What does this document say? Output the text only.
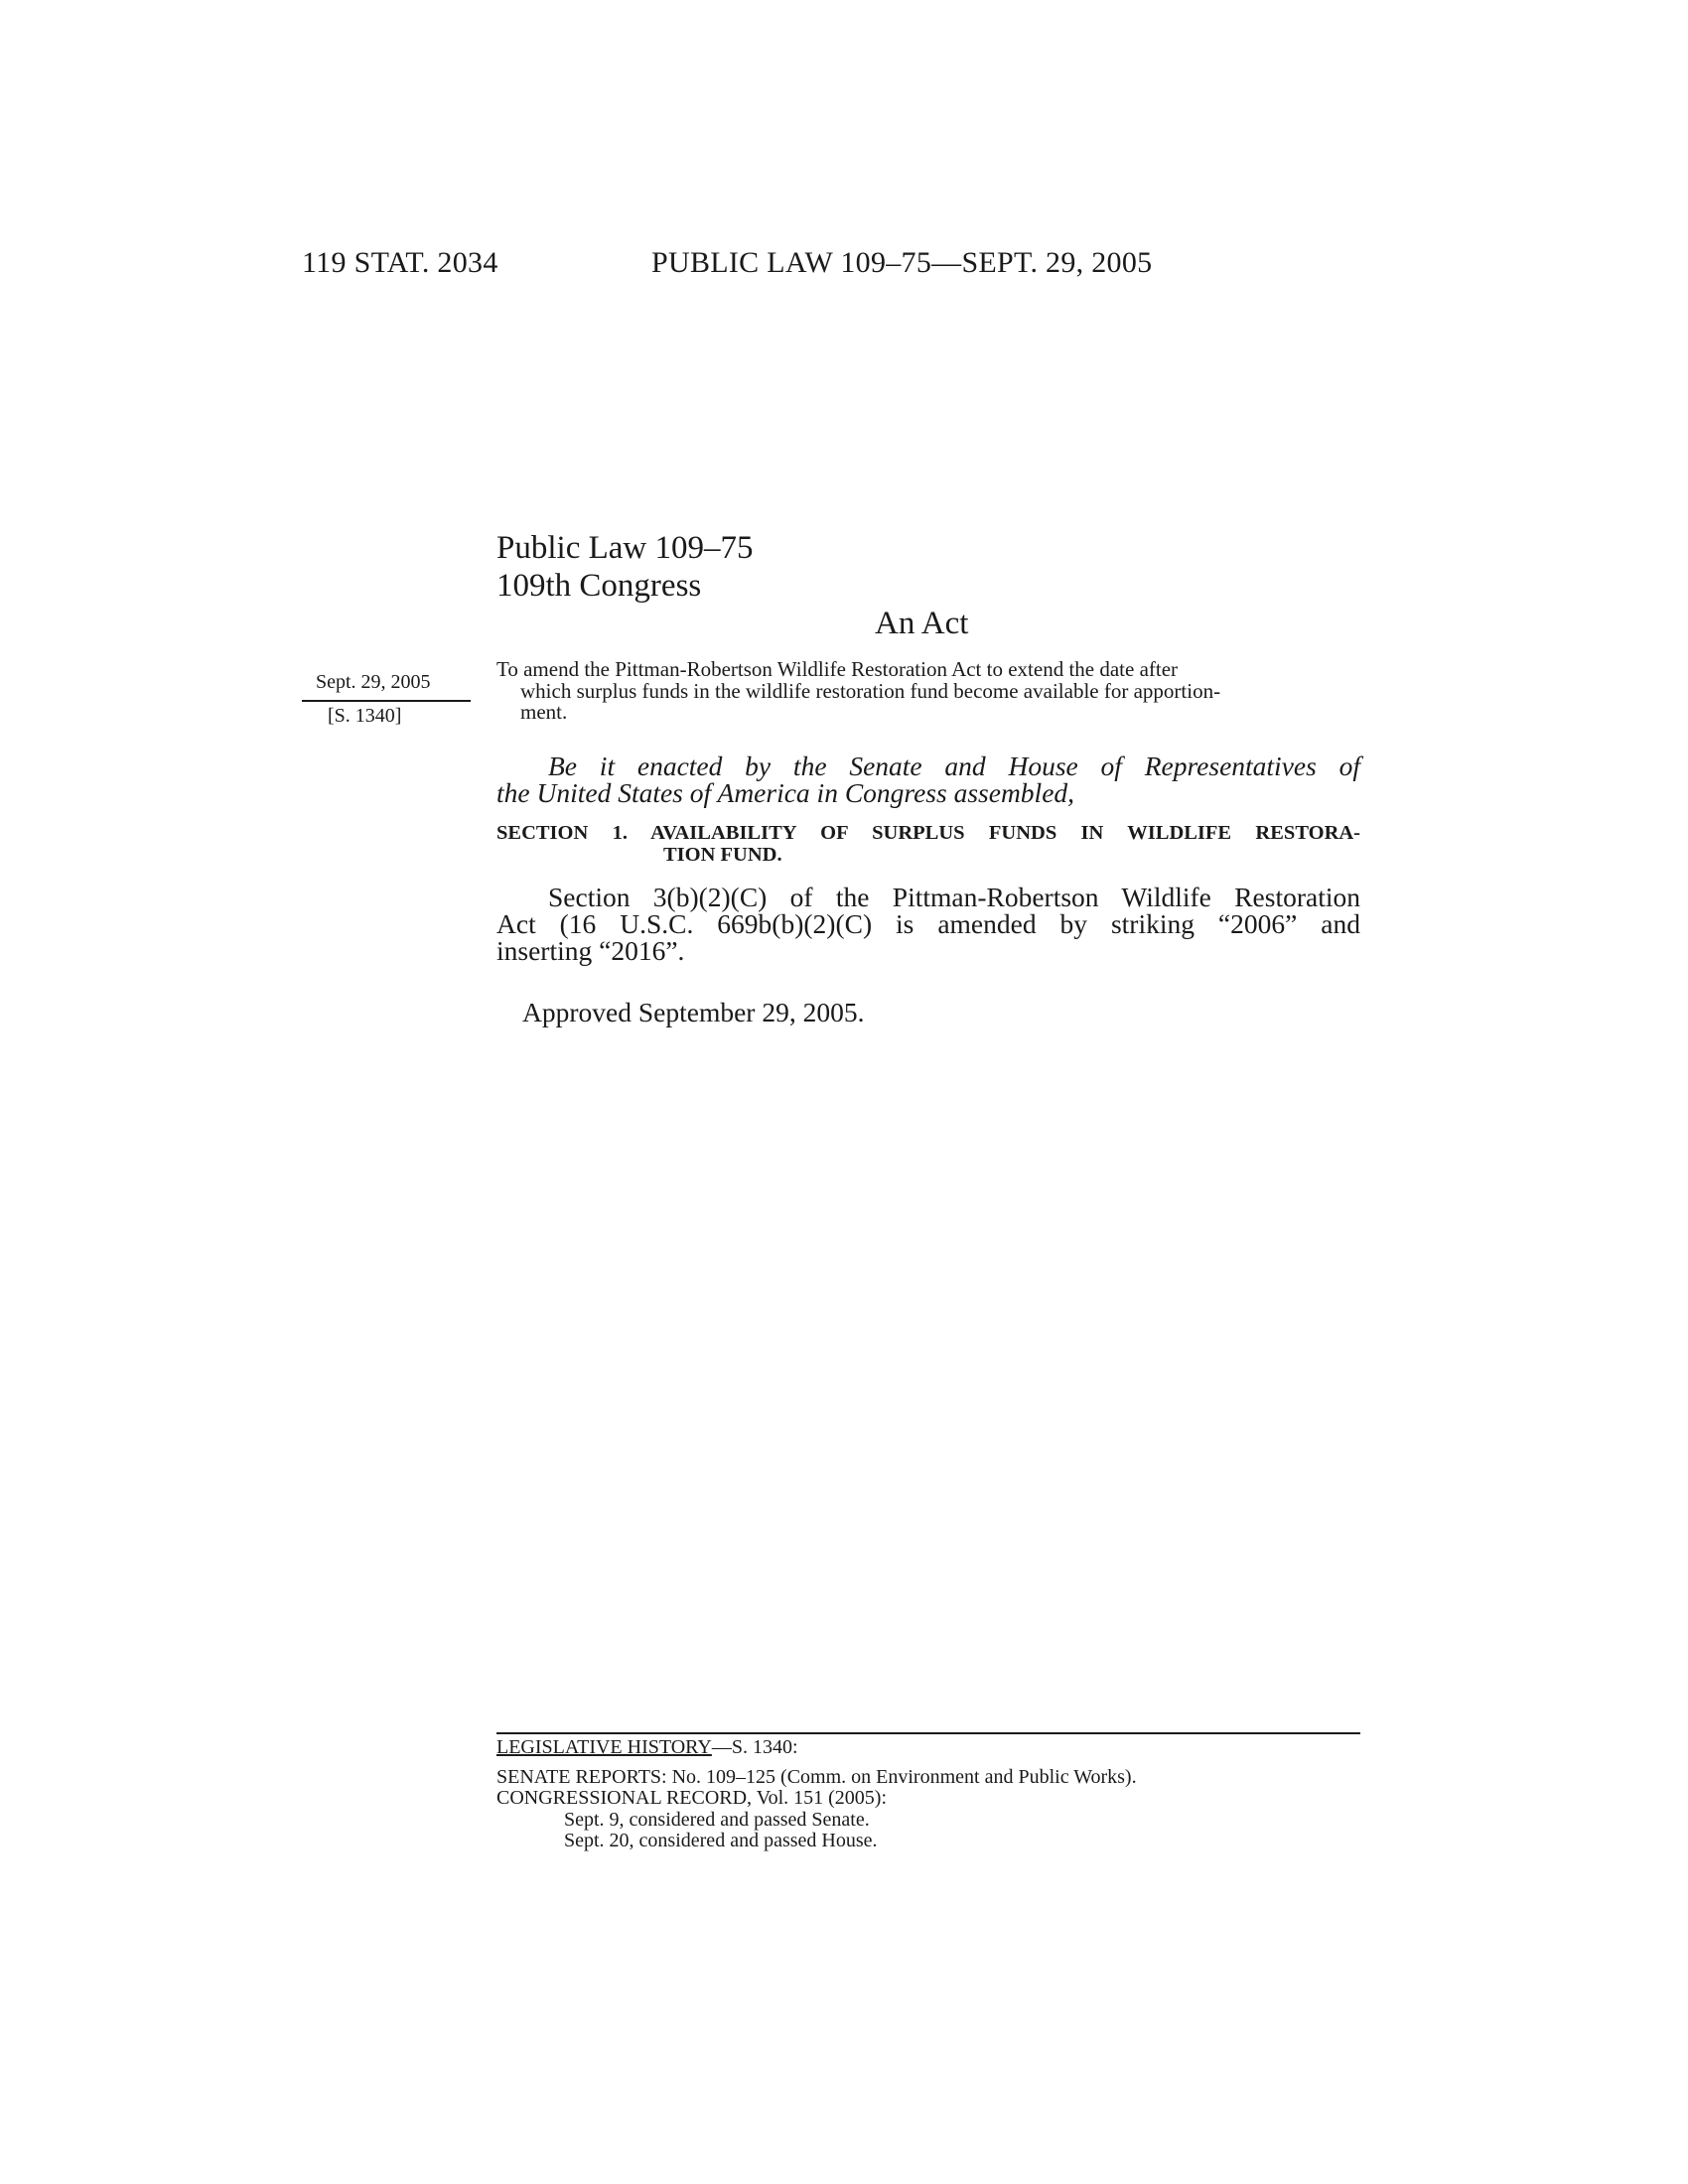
119 STAT. 2034	PUBLIC LAW 109–75—SEPT. 29, 2005
Public Law 109–75
109th Congress
An Act
Sept. 29, 2005
[S. 1340]
To amend the Pittman-Robertson Wildlife Restoration Act to extend the date after
which surplus funds in the wildlife restoration fund become available for apportion-
ment.
Be it enacted by the Senate and House of Representatives of
the United States of America in Congress assembled,
SECTION 1. AVAILABILITY OF SURPLUS FUNDS IN WILDLIFE RESTORA-
TION FUND.
Section 3(b)(2)(C) of the Pittman-Robertson Wildlife Restoration
Act (16 U.S.C. 669b(b)(2)(C) is amended by striking “2006” and
inserting “2016”.
Approved September 29, 2005.
LEGISLATIVE HISTORY—S. 1340:
SENATE REPORTS: No. 109–125 (Comm. on Environment and Public Works).
CONGRESSIONAL RECORD, Vol. 151 (2005):
Sept. 9, considered and passed Senate.
Sept. 20, considered and passed House.
